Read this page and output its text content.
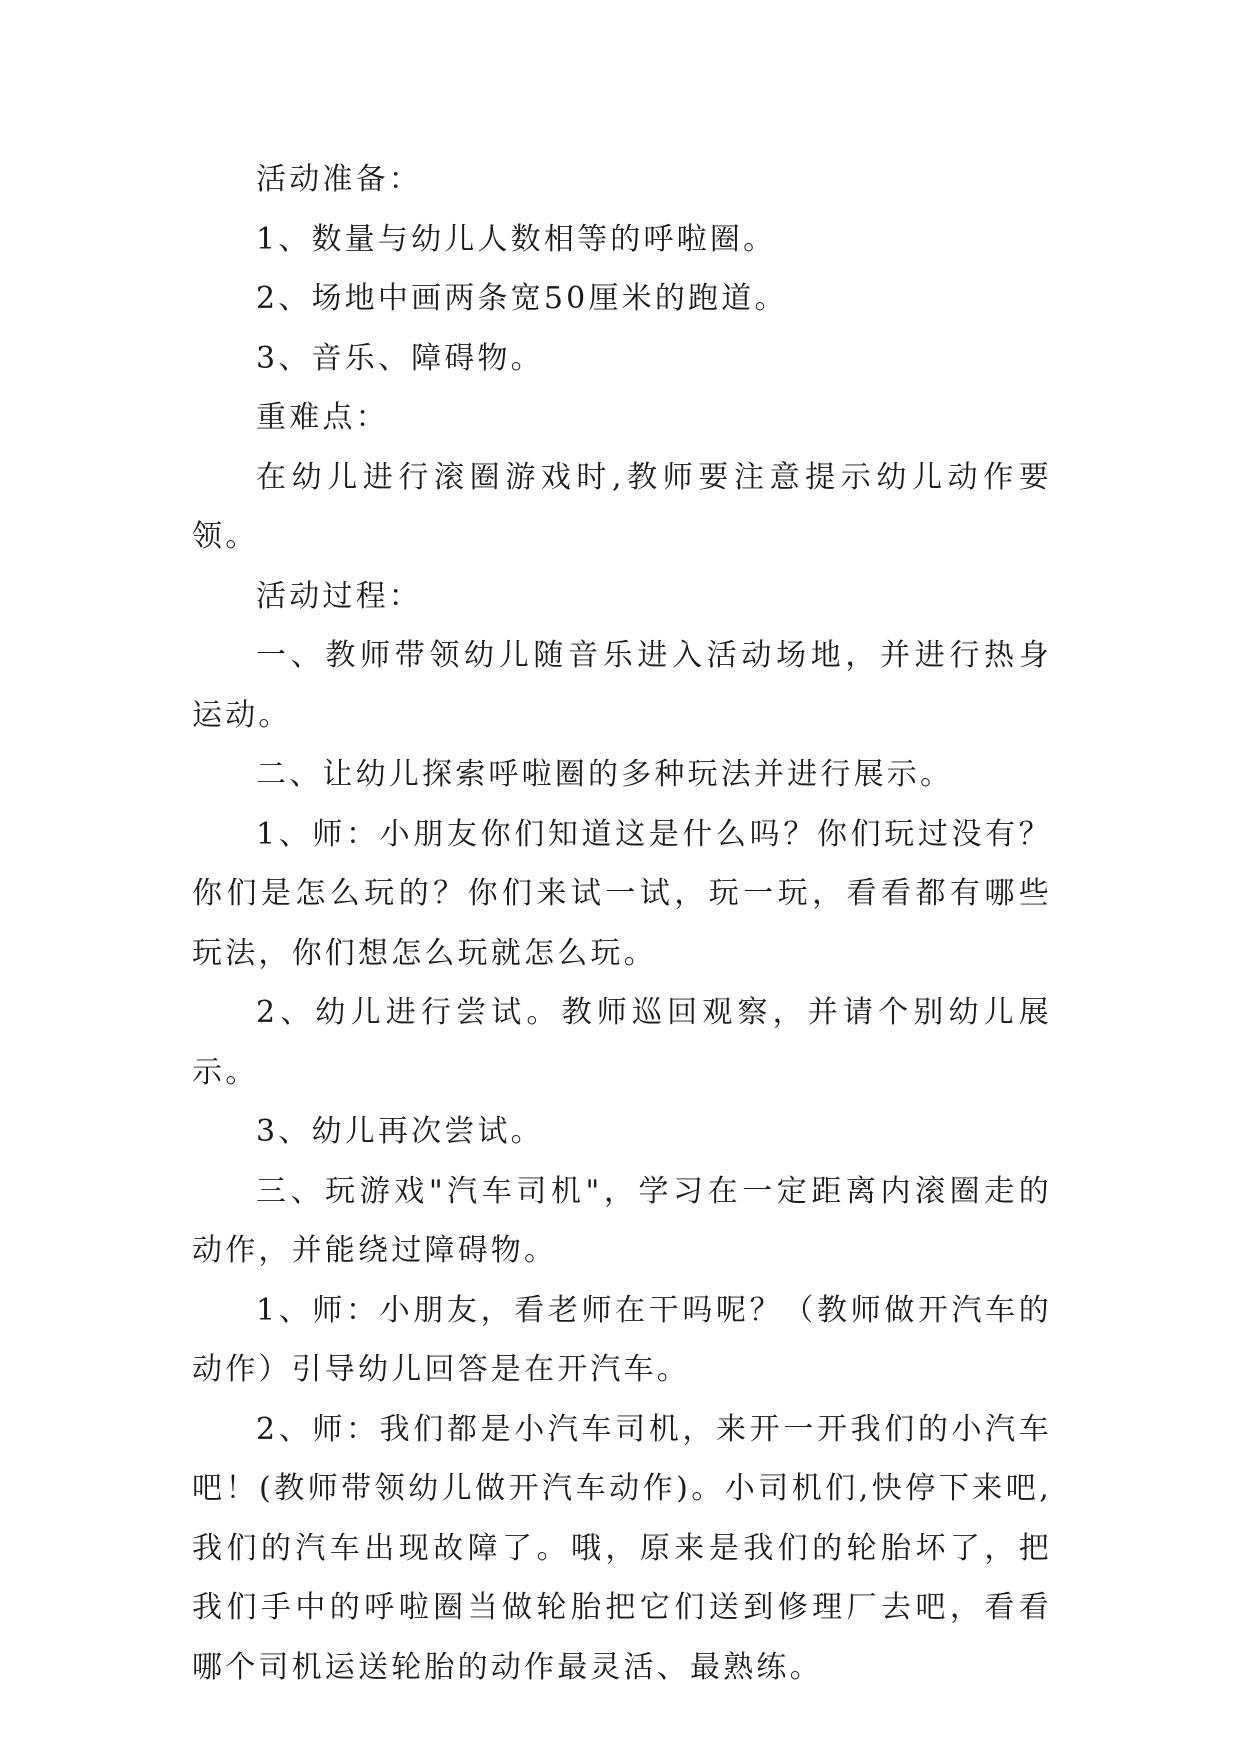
活动准备：

1、数量与幼儿人数相等的呼啦圈。

2、场地中画两条宽50厘米的跑道。

3、音乐、障碍物。

重难点：

在幼儿进行滚圈游戏时,教师要注意提示幼儿动作要领。

活动过程：

一、教师带领幼儿随音乐进入活动场地，并进行热身运动。

二、让幼儿探索呼啦圈的多种玩法并进行展示。

1、师：小朋友你们知道这是什么吗？你们玩过没有？你们是怎么玩的？你们来试一试，玩一玩，看看都有哪些玩法，你们想怎么玩就怎么玩。

2、幼儿进行尝试。教师巡回观察，并请个别幼儿展示。

3、幼儿再次尝试。

三、玩游戏"汽车司机"，学习在一定距离内滚圈走的动作，并能绕过障碍物。

1、师：小朋友，看老师在干吗呢？（教师做开汽车的动作）引导幼儿回答是在开汽车。

2、师：我们都是小汽车司机，来开一开我们的小汽车吧！(教师带领幼儿做开汽车动作)。小司机们,快停下来吧,我们的汽车出现故障了。哦，原来是我们的轮胎坏了，把我们手中的呼啦圈当做轮胎把它们送到修理厂去吧，看看哪个司机运送轮胎的动作最灵活、最熟练。
